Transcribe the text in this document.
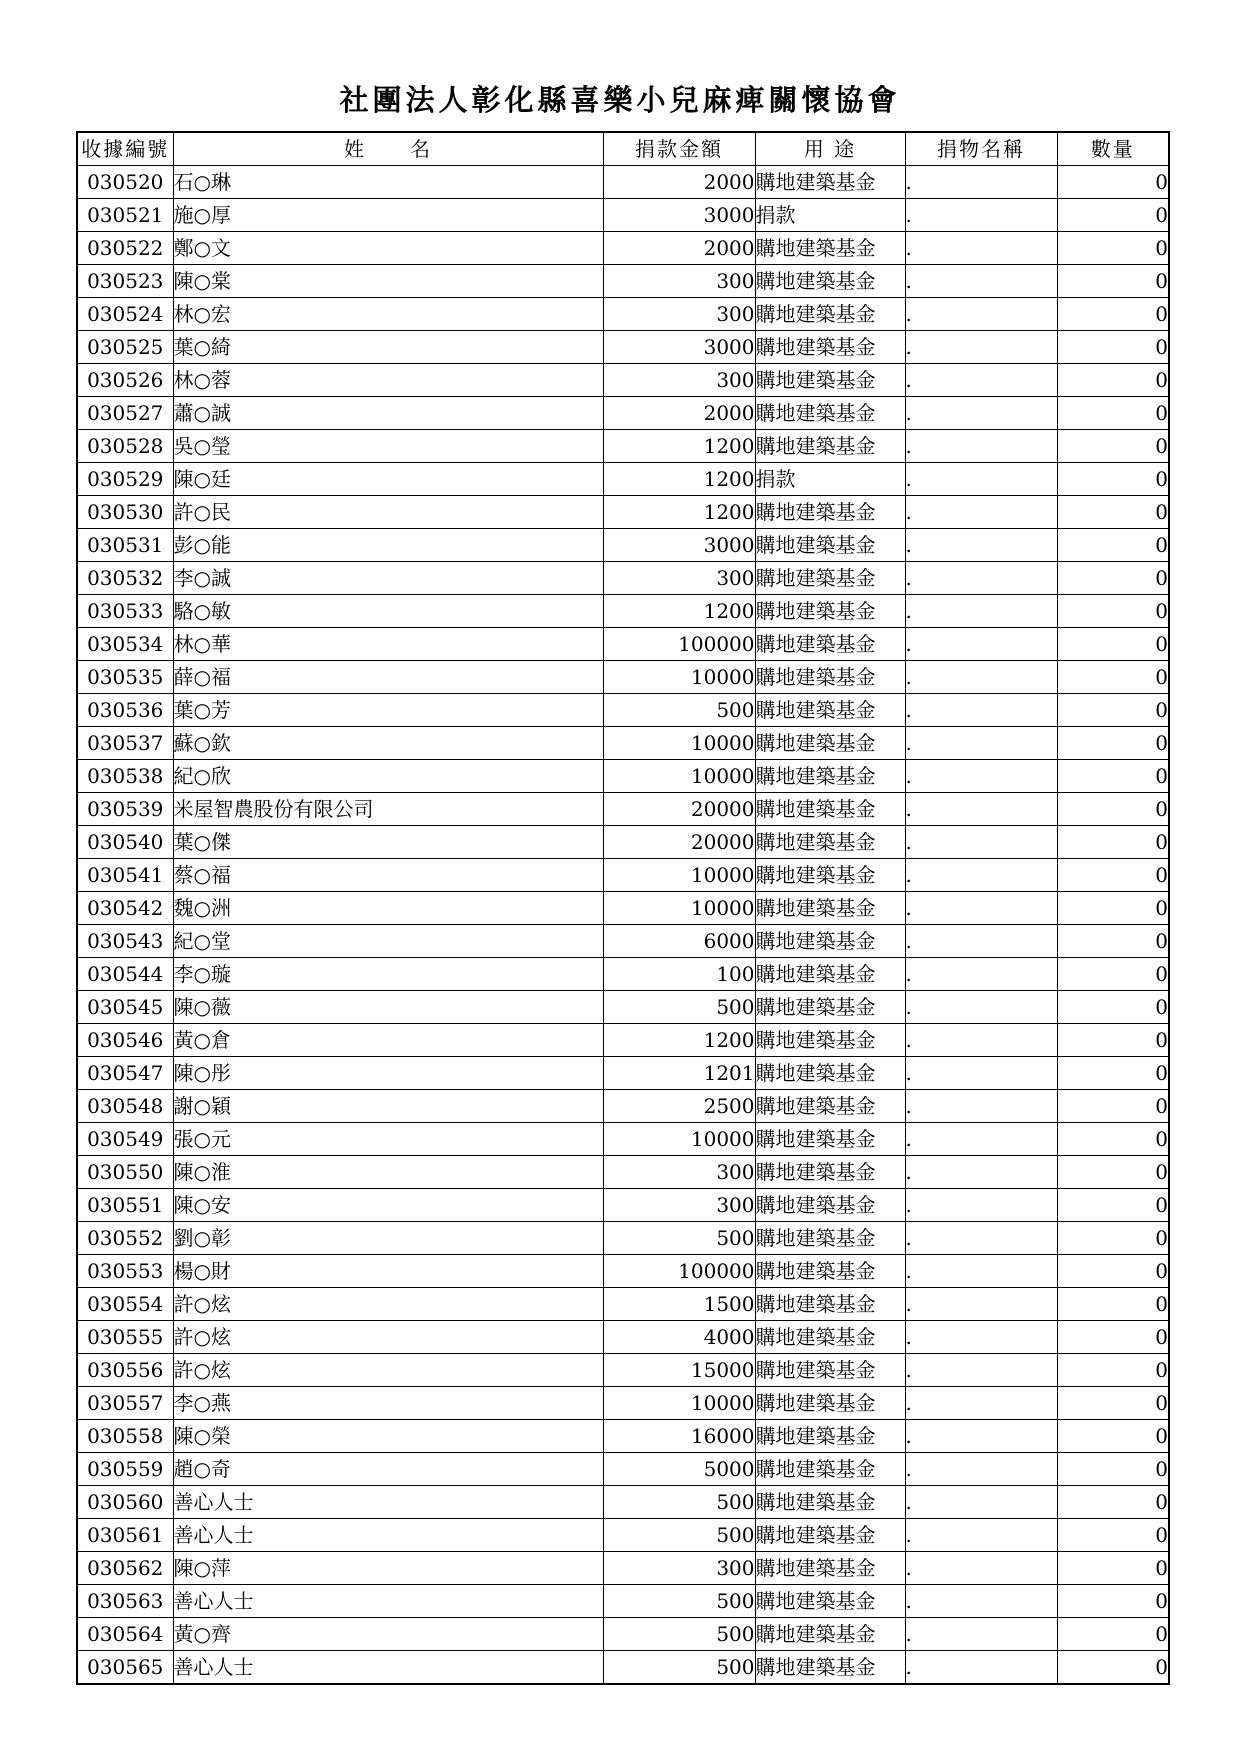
社團法人彰化縣喜樂小兒麻痺關懷協會
收據編號	姓　　名	捐款金額	用 途	捐物名稱	數量
030520	石○琳	2000	購地建築基金	.	0
030521	施○厚	3000	捐款	.	0
030522	鄭○文	2000	購地建築基金	.	0
030523	陳○棠	300	購地建築基金	.	0
030524	林○宏	300	購地建築基金	.	0
030525	葉○綺	3000	購地建築基金	.	0
030526	林○蓉	300	購地建築基金	.	0
030527	蕭○誠	2000	購地建築基金	.	0
030528	吳○瑩	1200	購地建築基金	.	0
030529	陳○廷	1200	捐款	.	0
030530	許○民	1200	購地建築基金	.	0
030531	彭○能	3000	購地建築基金	.	0
030532	李○誠	300	購地建築基金	.	0
030533	駱○敏	1200	購地建築基金	.	0
030534	林○華	100000	購地建築基金	.	0
030535	薛○福	10000	購地建築基金	.	0
030536	葉○芳	500	購地建築基金	.	0
030537	蘇○欽	10000	購地建築基金	.	0
030538	紀○欣	10000	購地建築基金	.	0
030539	米屋智農股份有限公司	20000	購地建築基金	.	0
030540	葉○傑	20000	購地建築基金	.	0
030541	蔡○福	10000	購地建築基金	.	0
030542	魏○洲	10000	購地建築基金	.	0
030543	紀○堂	6000	購地建築基金	.	0
030544	李○璇	100	購地建築基金	.	0
030545	陳○薇	500	購地建築基金	.	0
030546	黃○倉	1200	購地建築基金	.	0
030547	陳○彤	1201	購地建築基金	.	0
030548	謝○穎	2500	購地建築基金	.	0
030549	張○元	10000	購地建築基金	.	0
030550	陳○淮	300	購地建築基金	.	0
030551	陳○安	300	購地建築基金	.	0
030552	劉○彰	500	購地建築基金	.	0
030553	楊○財	100000	購地建築基金	.	0
030554	許○炫	1500	購地建築基金	.	0
030555	許○炫	4000	購地建築基金	.	0
030556	許○炫	15000	購地建築基金	.	0
030557	李○燕	10000	購地建築基金	.	0
030558	陳○榮	16000	購地建築基金	.	0
030559	趙○奇	5000	購地建築基金	.	0
030560	善心人士	500	購地建築基金	.	0
030561	善心人士	500	購地建築基金	.	0
030562	陳○萍	300	購地建築基金	.	0
030563	善心人士	500	購地建築基金	.	0
030564	黃○齊	500	購地建築基金	.	0
030565	善心人士	500	購地建築基金	.	0
